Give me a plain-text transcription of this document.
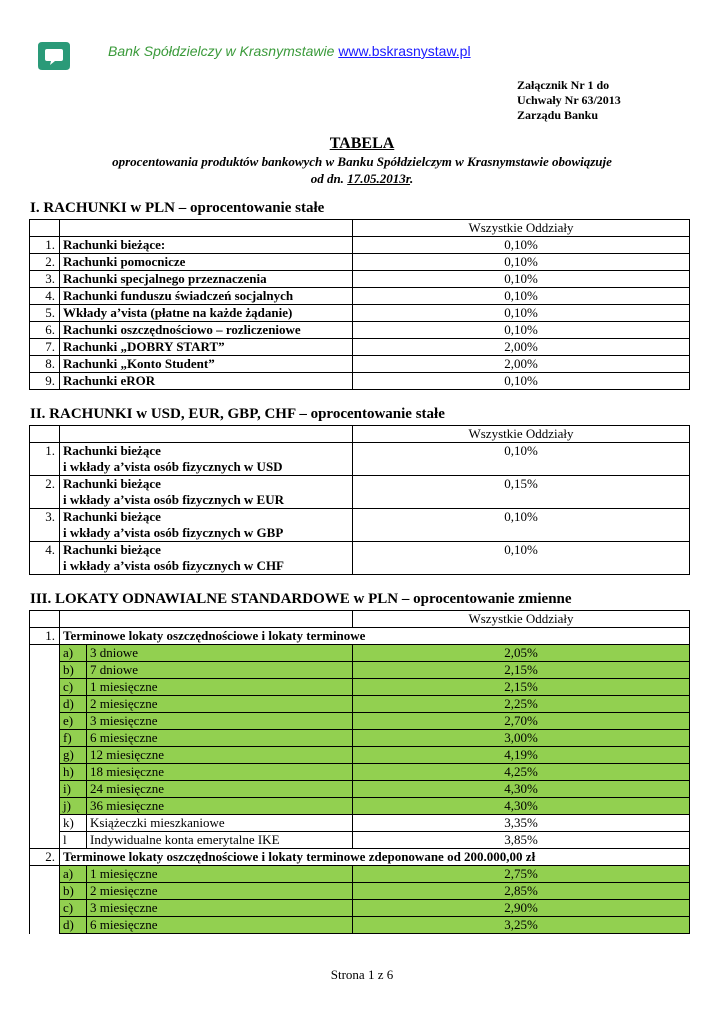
Bank Spółdzielczy w Krasnymstawie www.bskrasnystaw.pl
Załącznik Nr 1 do
Uchwały Nr 63/2013
Zarządu Banku
TABELA
oprocentowania produktów bankowych w Banku Spółdzielczym w Krasnymstawie obowiązuje
od dn. 17.05.2013r.
I. RACHUNKI w PLN – oprocentowanie stałe
		Wszystkie Oddziały
1.	Rachunki bieżące:	0,10%
2.	Rachunki pomocnicze	0,10%
3.	Rachunki specjalnego przeznaczenia	0,10%
4.	Rachunki funduszu świadczeń socjalnych	0,10%
5.	Wkłady a’vista (płatne na każde żądanie)	0,10%
6.	Rachunki oszczędnościowo – rozliczeniowe	0,10%
7.	Rachunki „DOBRY START”	2,00%
8.	Rachunki „Konto Student”	2,00%
9.	Rachunki eROR	0,10%
II. RACHUNKI w USD, EUR, GBP, CHF – oprocentowanie stałe
		Wszystkie Oddziały
1.	Rachunki bieżące
i wkłady a’vista osób fizycznych w USD	0,10%
2.	Rachunki bieżące
i wkłady a’vista osób fizycznych w EUR	0,15%
3.	Rachunki bieżące
i wkłady a’vista osób fizycznych w GBP	0,10%
4.	Rachunki bieżące
i wkłady a’vista osób fizycznych w CHF	0,10%
III. LOKATY ODNAWIALNE STANDARDOWE w PLN – oprocentowanie zmienne
			Wszystkie Oddziały
1.	Terminowe lokaty oszczędnościowe i lokaty terminowe		
	a)	3 dniowe	2,05%
	b)	7 dniowe	2,15%
	c)	1 miesięczne	2,15%
	d)	2 miesięczne	2,25%
	e)	3 miesięczne	2,70%
	f)	6 miesięczne	3,00%
	g)	12 miesięczne	4,19%
	h)	18 miesięczne	4,25%
	i)	24 miesięczne	4,30%
	j)	36 miesięczne	4,30%
	k)	Książeczki mieszkaniowe	3,35%
	l	Indywidualne konta emerytalne IKE	3,85%
2.	Terminowe lokaty oszczędnościowe i lokaty terminowe zdeponowane od 200.000,00 zł		
	a)	1 miesięczne	2,75%
	b)	2 miesięczne	2,85%
	c)	3 miesięczne	2,90%
	d)	6 miesięczne	3,25%
Strona 1 z 6
